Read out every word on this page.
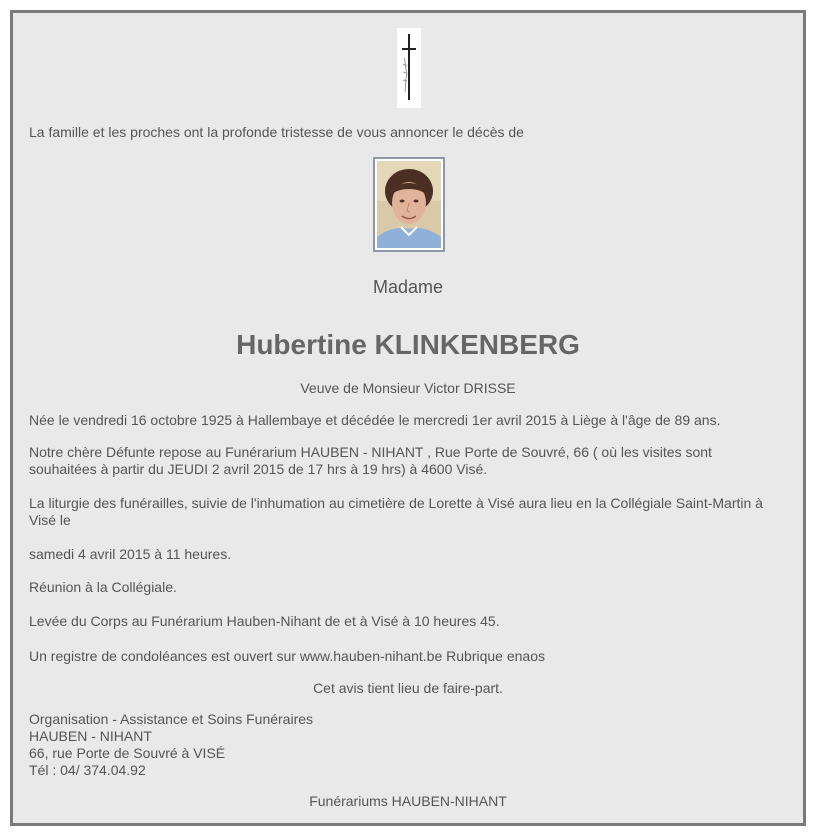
La famille et les proches ont la profonde tristesse de vous annoncer le décès de

Madame

Hubertine KLINKENBERG

Veuve de Monsieur Victor DRISSE

Née le vendredi 16 octobre 1925 à Hallembaye et décédée le mercredi 1er avril 2015 à Liège à l'âge de 89 ans.

Notre chère Défunte repose au Funérarium HAUBEN - NIHANT , Rue Porte de Souvré, 66 ( où les visites sont souhaitées à partir du JEUDI 2 avril 2015 de 17 hrs à 19 hrs) à 4600 Visé.

La liturgie des funérailles, suivie de l'inhumation au cimetière de Lorette à Visé aura lieu en la Collégiale Saint-Martin à Visé le

samedi 4 avril 2015 à 11 heures.

Réunion à la Collégiale.

Levée du Corps au Funérarium Hauben-Nihant de et à Visé à 10 heures 45.

Un registre de condoléances est ouvert sur www.hauben-nihant.be Rubrique enaos

Cet avis tient lieu de faire-part.

Organisation - Assistance et Soins Funéraires
HAUBEN - NIHANT
66, rue Porte de Souvré à VISÉ
Tél : 04/ 374.04.92

Funérariums HAUBEN-NIHANT
